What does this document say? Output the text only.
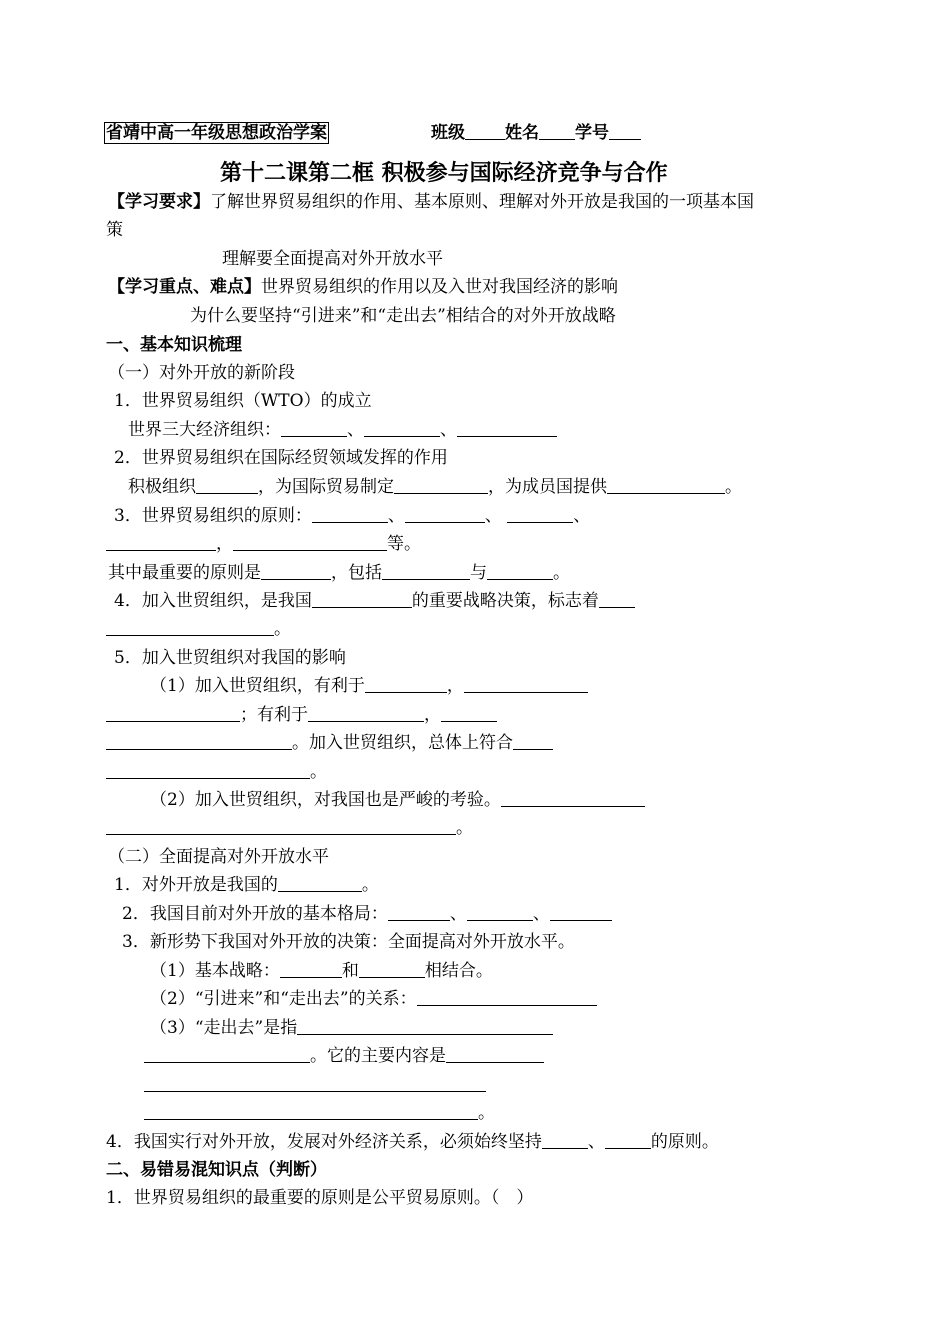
省靖中高一年级思想政治学案	班级 姓名 学号
第十二课第二框 积极参与国际经济竞争与合作
【学习要求】了解世界贸易组织的作用、基本原则、理解对外开放是我国的一项基本国
策
理解要全面提高对外开放水平
【学习重点、难点】世界贸易组织的作用以及入世对我国经济的影响
为什么要坚持“引进来”和“走出去”相结合的对外开放战略
一、基本知识梳理
（一）对外开放的新阶段
1．世界贸易组织（WTO）的成立
世界三大经济组织：	、	、
2．世界贸易组织在国际经贸领域发挥的作用
积极组织	，为国际贸易制定	，为成员国提供	。
3．世界贸易组织的原则：	、	、	、
，	等。
其中最重要的原则是	，包括	与	。
4．加入世贸组织，是我国	的重要战略决策，标志着
。
5．加入世贸组织对我国的影响
（1）加入世贸组织，有利于	，
；有利于	，
。加入世贸组织，总体上符合
。
（2）加入世贸组织，对我国也是严峻的考验。
。
（二）全面提高对外开放水平
1．对外开放是我国的	。
2．我国目前对外开放的基本格局：	、	、
3．新形势下我国对外开放的决策：全面提高对外开放水平。
（1）基本战略：	和	相结合。
（2）“引进来”和“走出去”的关系：
（3）“走出去”是指
。它的主要内容是
。
4．我国实行对外开放，发展对外经济关系，必须始终坚持	、	的原则。
二、易错易混知识点（判断）
1．世界贸易组织的最重要的原则是公平贸易原则。（　）
